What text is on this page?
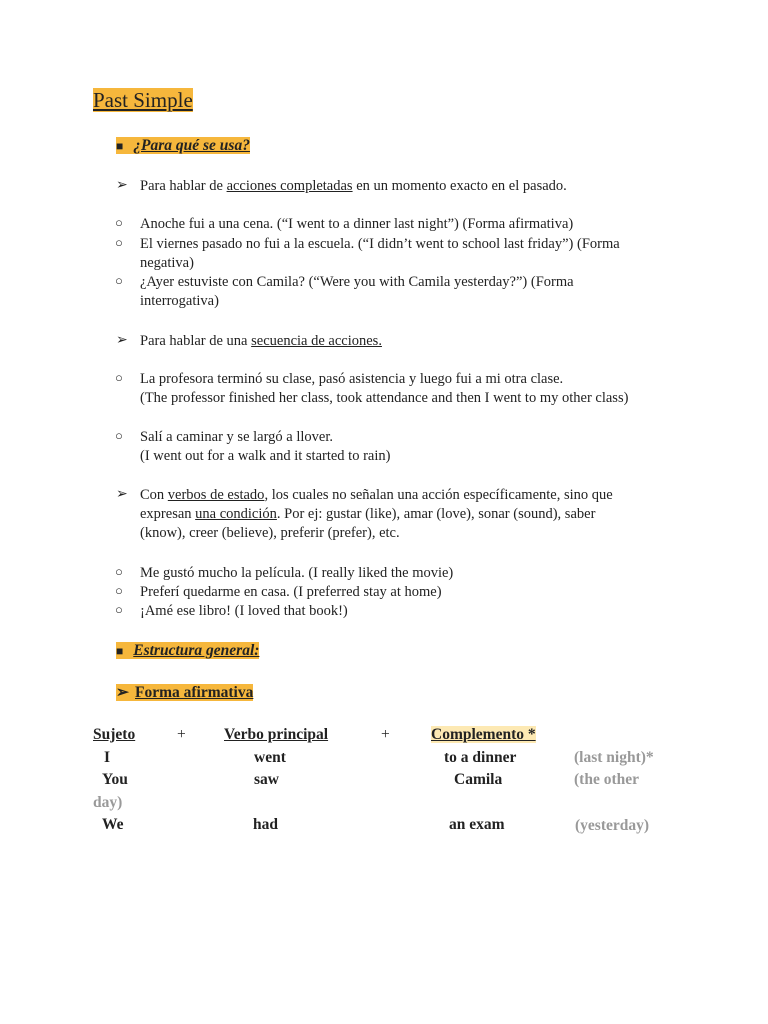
Past Simple
■ ¿Para qué se usa?
➢ Para hablar de acciones completadas en un momento exacto en el pasado.
○ Anoche fui a una cena. (“I went to a dinner last night”) (Forma afirmativa)
○ El viernes pasado no fui a la escuela. (“I didn’t went to school last friday”) (Forma
negativa)
○ ¿Ayer estuviste con Camila? (“Were you with Camila yesterday?”) (Forma
interrogativa)
➢ Para hablar de una secuencia de acciones.
○ La profesora terminó su clase, pasó asistencia y luego fui a mi otra clase.
(The professor finished her class, took attendance and then I went to my other class)
○ Salí a caminar y se largó a llover.
(I went out for a walk and it started to rain)
➢ Con verbos de estado, los cuales no señalan una acción específicamente, sino que
expresan una condición. Por ej: gustar (like), amar (love), sonar (sound), saber
(know), creer (believe), preferir (prefer), etc.
○ Me gustó mucho la película. (I really liked the movie)
○ Preferí quedarme en casa. (I preferred stay at home)
○ ¡Amé ese libro! (I loved that book!)
■ Estructura general:
➢ Forma afirmativa
Sujeto	+ Verbo principal	+	Complemento *
I	went	to a dinner	(last night)*
You	saw	Camila	(the other
day)
We	had	an exam	(yesterday)
